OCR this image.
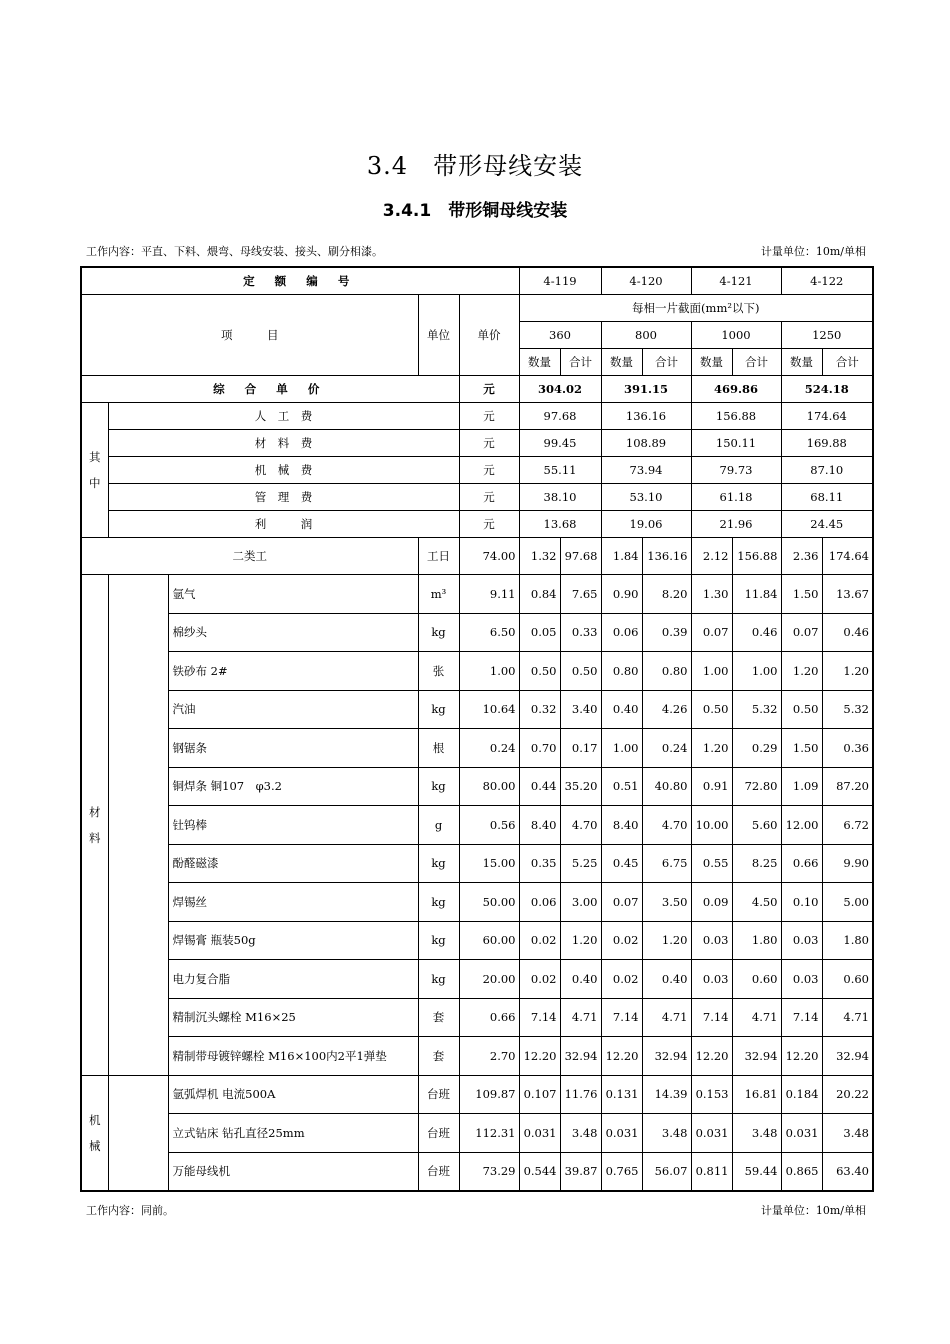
3.4　带形母线安装
3.4.1　带形铜母线安装
工作内容：平直、下料、煨弯、母线安装、接头、刷分相漆。	计量单位：10m/单相
定 额 编 号					4-119		4-120		4-121		4-122	
项　　　目			单位	单价	每相一片截面(mm²以下)							
					360		800		1000		1250	
					数量	合计	数量	合计	数量	合计	数量	合计
综 合 单 价				元	304.02		391.15		469.86		524.18	
其中	人　工　费			元	97.68		136.16		156.88		174.64	
	材　料　费			元	99.45		108.89		150.11		169.88	
	机　械　费			元	55.11		73.94		79.73		87.10	
	管　理　费			元	38.10		53.10		61.18		68.11	
	利　　　润			元	13.68		19.06		21.96		24.45	
二类工			工日	74.00	1.32	97.68	1.84	136.16	2.12	156.88	2.36	174.64
材料		氩气	m³	9.11	0.84	7.65	0.90	8.20	1.30	11.84	1.50	13.67
		棉纱头	kg	6.50	0.05	0.33	0.06	0.39	0.07	0.46	0.07	0.46
		铁砂布 2#	张	1.00	0.50	0.50	0.80	0.80	1.00	1.00	1.20	1.20
		汽油	kg	10.64	0.32	3.40	0.40	4.26	0.50	5.32	0.50	5.32
		钢锯条	根	0.24	0.70	0.17	1.00	0.24	1.20	0.29	1.50	0.36
		铜焊条 铜107　φ3.2	kg	80.00	0.44	35.20	0.51	40.80	0.91	72.80	1.09	87.20
		钍钨棒	g	0.56	8.40	4.70	8.40	4.70	10.00	5.60	12.00	6.72
		酚醛磁漆	kg	15.00	0.35	5.25	0.45	6.75	0.55	8.25	0.66	9.90
		焊锡丝	kg	50.00	0.06	3.00	0.07	3.50	0.09	4.50	0.10	5.00
		焊锡膏 瓶装50g	kg	60.00	0.02	1.20	0.02	1.20	0.03	1.80	0.03	1.80
		电力复合脂	kg	20.00	0.02	0.40	0.02	0.40	0.03	0.60	0.03	0.60
		精制沉头螺栓 M16×25	套	0.66	7.14	4.71	7.14	4.71	7.14	4.71	7.14	4.71
		精制带母镀锌螺栓 M16×100内2平1弹垫	套	2.70	12.20	32.94	12.20	32.94	12.20	32.94	12.20	32.94
机械		氩弧焊机 电流500A	台班	109.87	0.107	11.76	0.131	14.39	0.153	16.81	0.184	20.22
		立式钻床 钻孔直径25mm	台班	112.31	0.031	3.48	0.031	3.48	0.031	3.48	0.031	3.48
		万能母线机	台班	73.29	0.544	39.87	0.765	56.07	0.811	59.44	0.865	63.40
工作内容：同前。	计量单位：10m/单相
